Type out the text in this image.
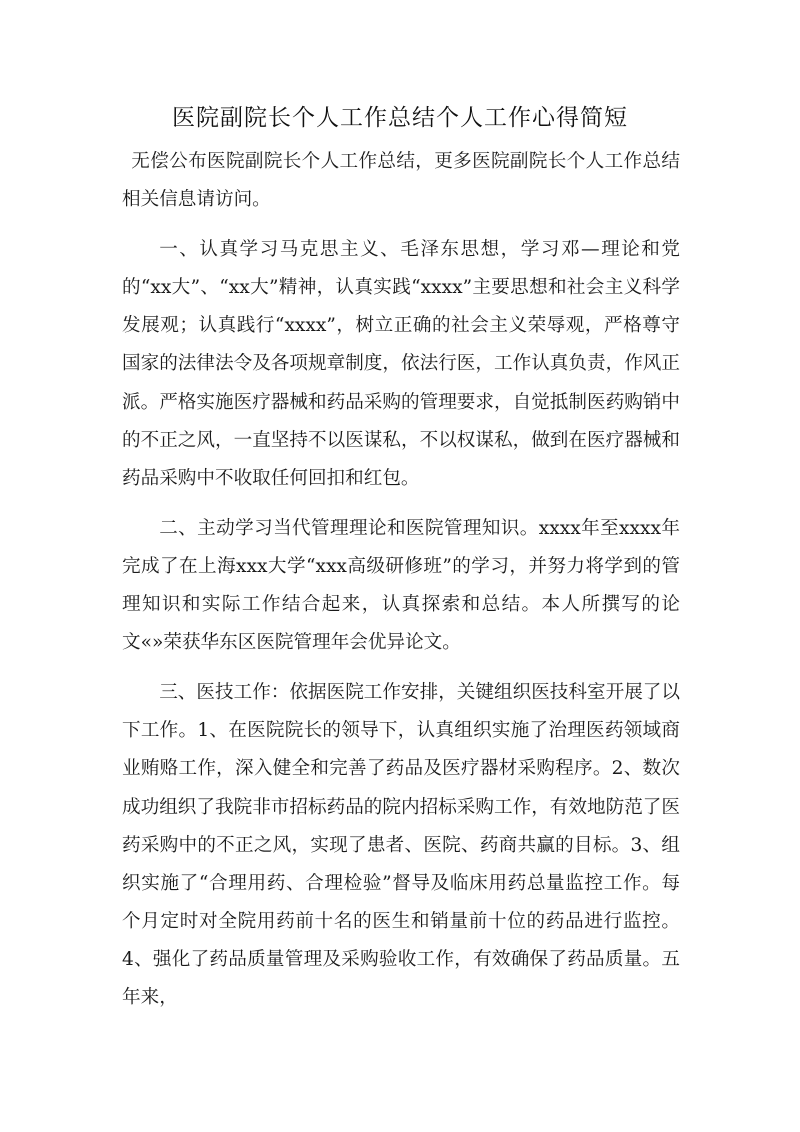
医院副院长个人工作总结个人工作心得简短

无偿公布医院副院长个人工作总结，更多医院副院长个人工作总结相关信息请访问。

一、认真学习马克思主义、毛泽东思想，学习邓—理论和党的“xx大”、“xx大”精神，认真实践“xxxx”主要思想和社会主义科学发展观；认真践行“xxxx”，树立正确的社会主义荣辱观，严格尊守国家的法律法令及各项规章制度，依法行医，工作认真负责，作风正派。严格实施医疗器械和药品采购的管理要求，自觉抵制医药购销中的不正之风，一直坚持不以医谋私，不以权谋私，做到在医疗器械和药品采购中不收取任何回扣和红包。

二、主动学习当代管理理论和医院管理知识。xxxx年至xxxx年完成了在上海xxx大学“xxx高级研修班”的学习，并努力将学到的管理知识和实际工作结合起来，认真探索和总结。本人所撰写的论文«»荣获华东区医院管理年会优异论文。

三、医技工作：依据医院工作安排，关键组织医技科室开展了以下工作。1、在医院院长的领导下，认真组织实施了治理医药领域商业贿赂工作，深入健全和完善了药品及医疗器材采购程序。2、数次成功组织了我院非市招标药品的院内招标采购工作，有效地防范了医药采购中的不正之风，实现了患者、医院、药商共赢的目标。3、组织实施了“合理用药、合理检验”督导及临床用药总量监控工作。每个月定时对全院用药前十名的医生和销量前十位的药品进行监控。4、强化了药品质量管理及采购验收工作，有效确保了药品质量。五年来，
